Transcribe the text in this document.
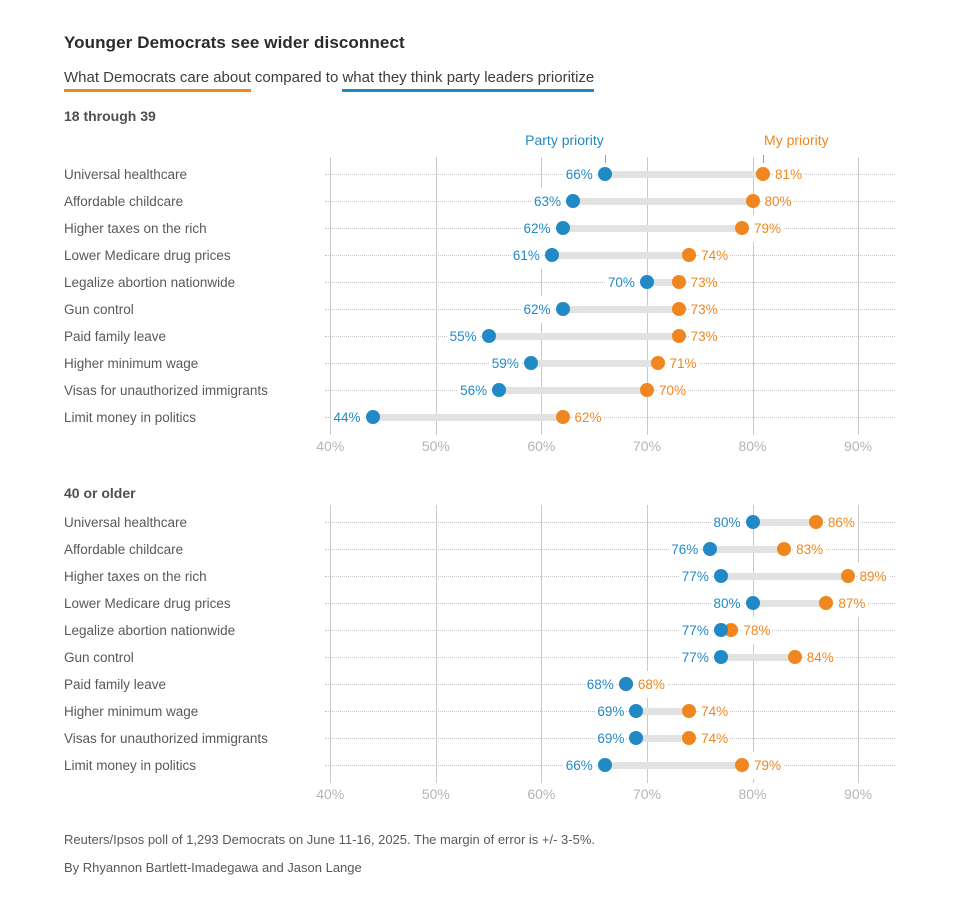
Younger Democrats see wider disconnect

What Democrats care about compared to what they think party leaders prioritize

18 through 39
Party priority	My priority
Universal healthcare	66%	81%
Affordable childcare	63%	80%
Higher taxes on the rich	62%	79%
Lower Medicare drug prices	61%	74%
Legalize abortion nationwide	70%	73%
Gun control	62%	73%
Paid family leave	55%	73%
Higher minimum wage	59%	71%
Visas for unauthorized immigrants	56%	70%
Limit money in politics	44%	62%
40%	50%	60%	70%	80%	90%
40 or older
Universal healthcare	80%	86%
Affordable childcare	76%	83%
Higher taxes on the rich	77%	89%
Lower Medicare drug prices	80%	87%
Legalize abortion nationwide	77%	78%
Gun control	77%	84%
Paid family leave	68% 68%
Higher minimum wage	69%	74%
Visas for unauthorized immigrants	69%	74%
Limit money in politics	66%	79%
40%	50%	60%	70%	80%	90%

Reuters/Ipsos poll of 1,293 Democrats on June 11-16, 2025. The margin of error is +/- 3-5%.

By Rhyannon Bartlett-Imadegawa and Jason Lange
